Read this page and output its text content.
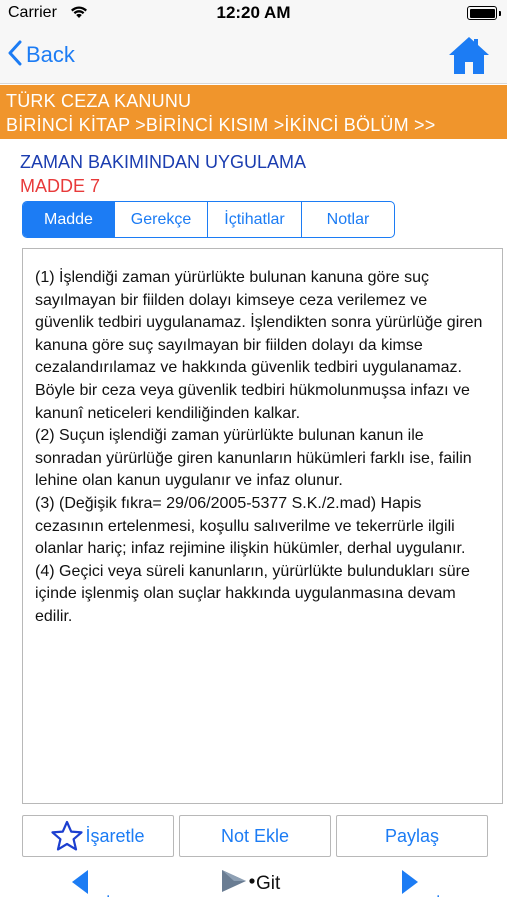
Carrier	12:20 AM
Back
TÜRK CEZA KANUNU
BİRİNCİ KİTAP >BİRİNCİ KISIM >İKİNCİ BÖLÜM >>
ZAMAN BAKIMINDAN UYGULAMA
MADDE 7
Madde	Gerekçe	İçtihatlar	Notlar

(1) İşlendiği zaman yürürlükte bulunan kanuna göre suç sayılmayan bir fiilden dolayı kimseye ceza verilemez ve güvenlik tedbiri uygulanamaz. İşlendikten sonra yürürlüğe giren kanuna göre suç sayılmayan bir fiilden dolayı da kimse cezalandırılamaz ve hakkında güvenlik tedbiri uygulanamaz. Böyle bir ceza veya güvenlik tedbiri hükmolunmuşsa infazı ve kanunî neticeleri kendiliğinden kalkar.

(2) Suçun işlendiği zaman yürürlükte bulunan kanun ile sonradan yürürlüğe giren kanunların hükümleri farklı ise, failin lehine olan kanun uygulanır ve infaz olunur.

(3) (Değişik fıkra= 29/06/2005-5377 S.K./2.mad) Hapis cezasının ertelenmesi, koşullu salıverilme ve tekerrürle ilgili olanlar hariç; infaz rejimine ilişkin hükümler, derhal uygulanır.

(4) Geçici veya süreli kanunların, yürürlükte bulundukları süre içinde işlenmiş olan suçlar hakkında uygulanmasına devam edilir.

İşaretle	Not Ekle	Paylaş
.	Git	.
